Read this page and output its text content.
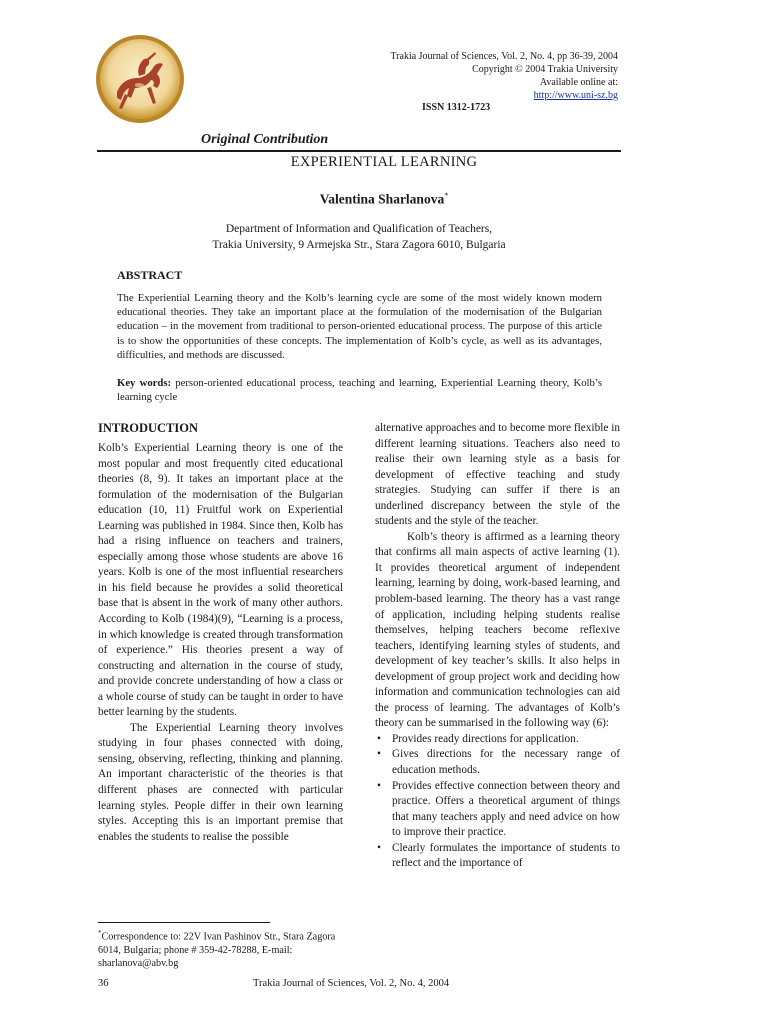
Trakia Journal of Sciences, Vol. 2, No. 4, pp 36-39, 2004
Copyright © 2004 Trakia University
Available online at:
http://www.uni-sz.bg
ISSN 1312-1723
Original Contribution
EXPERIENTIAL LEARNING
Valentina Sharlanova*
Department of Information and Qualification of Teachers,
Trakia University, 9 Armejska Str., Stara Zagora 6010, Bulgaria
ABSTRACT
The Experiential Learning theory and the Kolb’s learning cycle are some of the most widely known modern educational theories. They take an important place at the formulation of the modernisation of the Bulgarian education – in the movement from traditional to person-oriented educational process. The purpose of this article is to show the opportunities of these concepts. The implementation of Kolb’s cycle, as well as its advantages, difficulties, and methods are discussed.
Key words: person-oriented educational process, teaching and learning, Experiential Learning theory, Kolb’s learning cycle
INTRODUCTION

Kolb’s Experiential Learning theory is one of the most popular and most frequently cited educational theories (8, 9). It takes an important place at the formulation of the modernisation of the Bulgarian education (10, 11) Fruitful work on Experiential Learning was published in 1984. Since then, Kolb has had a rising influence on teachers and trainers, especially among those whose students are above 16 years. Kolb is one of the most influential researchers in his field because he provides a solid theoretical base that is absent in the work of many other authors. According to Kolb (1984)(9), “Learning is a process, in which knowledge is created through transformation of experience.” His theories present a way of constructing and alternation in the course of study, and provide concrete understanding of how a class or a whole course of study can be taught in order to have better learning by the students.

The Experiential Learning theory involves studying in four phases connected with doing, sensing, observing, reflecting, thinking and planning. An important characteristic of the theories is that different phases are connected with particular learning styles. People differ in their own learning styles. Accepting this is an important premise that enables the students to realise the possible

alternative approaches and to become more flexible in different learning situations. Teachers also need to realise their own learning style as a basis for development of effective teaching and study strategies. Studying can suffer if there is an underlined discrepancy between the style of the students and the style of the teacher.

Kolb’s theory is affirmed as a learning theory that confirms all main aspects of active learning (1). It provides theoretical argument of independent learning, learning by doing, work-based learning, and problem-based learning. The theory has a vast range of application, including helping students realise themselves, helping teachers become reflexive teachers, identifying learning styles of students, and development of key teacher’s skills. It also helps in development of group project work and deciding how information and communication technologies can aid the process of learning. The advantages of Kolb’s theory can be summarised in the following way (6):

• Provides ready directions for application.
• Gives directions for the necessary range of education methods.
• Provides effective connection between theory and practice. Offers a theoretical argument of things that many teachers apply and need advice on how to improve their practice.
• Clearly formulates the importance of students to reflect and the importance of
*Correspondence to: 22V Ivan Pashinov Str., Stara Zagora 6014, Bulgaria; phone # 359-42-78288, E-mail: sharlanova@abv.bg
36	Trakia Journal of Sciences, Vol. 2, No. 4, 2004
